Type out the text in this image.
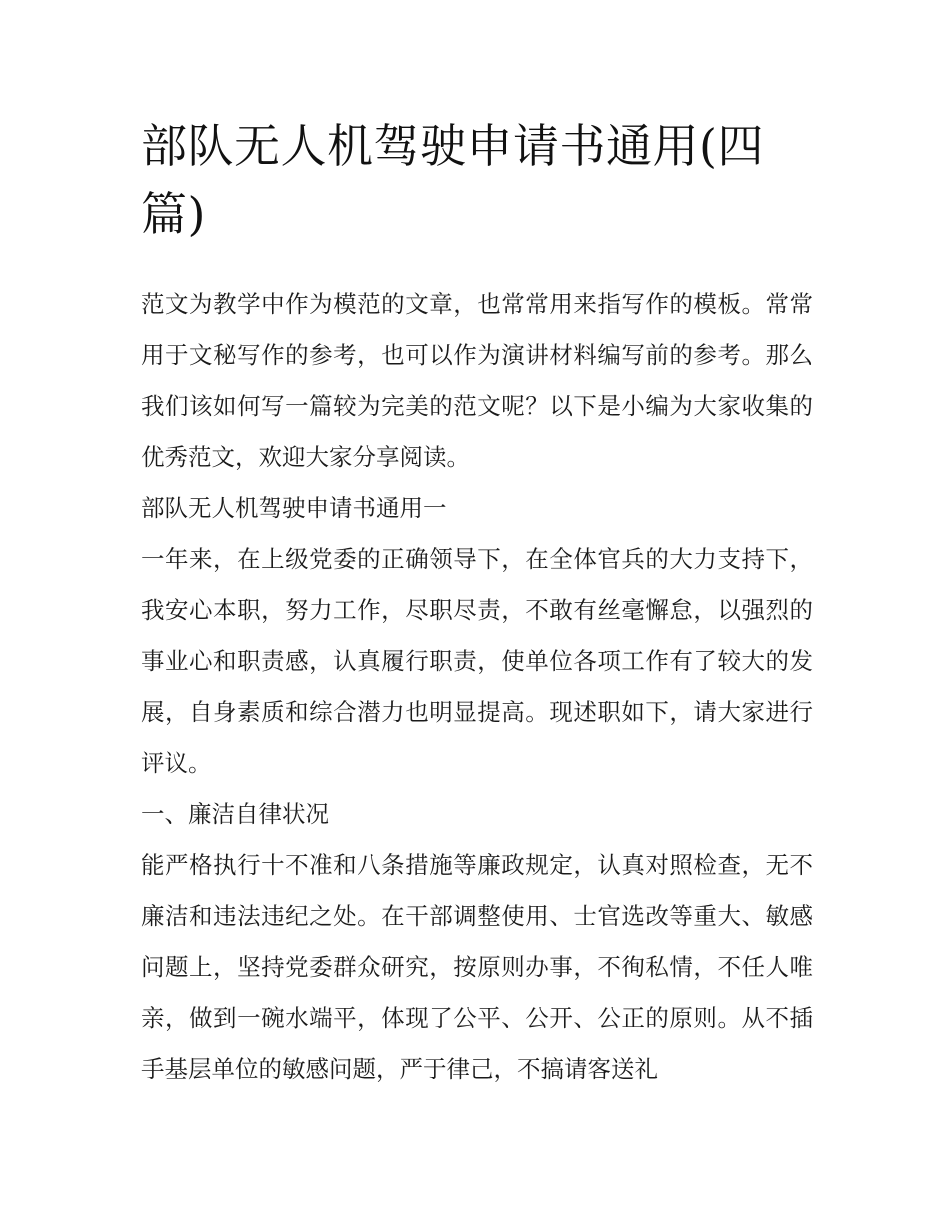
部队无人机驾驶申请书通用(四篇)

范文为教学中作为模范的文章，也常常用来指写作的模板。常常用于文秘写作的参考，也可以作为演讲材料编写前的参考。那么我们该如何写一篇较为完美的范文呢？以下是小编为大家收集的优秀范文，欢迎大家分享阅读。

部队无人机驾驶申请书通用一

一年来，在上级党委的正确领导下，在全体官兵的大力支持下，我安心本职，努力工作，尽职尽责，不敢有丝毫懈怠，以强烈的事业心和职责感，认真履行职责，使单位各项工作有了较大的发展，自身素质和综合潜力也明显提高。现述职如下，请大家进行评议。

一、廉洁自律状况

能严格执行十不准和八条措施等廉政规定，认真对照检查，无不廉洁和违法违纪之处。在干部调整使用、士官选改等重大、敏感问题上，坚持党委群众研究，按原则办事，不徇私情，不任人唯亲，做到一碗水端平，体现了公平、公开、公正的原则。从不插手基层单位的敏感问题，严于律己，不搞请客送礼
